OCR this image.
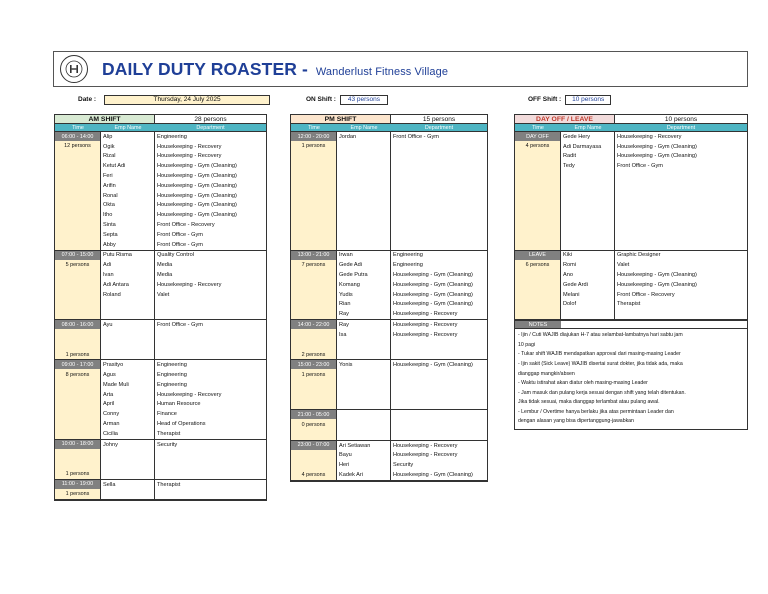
DAILY DUTY ROASTER - Wanderlust Fitness Village
Date :	Thursday, 24 July 2025	ON Shift :	43 persons	OFF Shift :	10 persons
AM SHIFT	28 persons
Time	Emp Name	Department
06:00 - 14:00
12 persons
Alip	Engineering
Ogik	Housekeeping - Recovery
Rizal	Housekeeping - Recovery
Ketut Adi	Housekeeping - Gym (Cleaning)
Feri	Housekeeping - Gym (Cleaning)
Arifin	Housekeeping - Gym (Cleaning)
Ronal	Housekeeping - Gym (Cleaning)
Okta	Housekeeping - Gym (Cleaning)
Itho	Housekeeping - Gym (Cleaning)
Sinta	Front Office - Recovery
Septa	Front Office - Gym
Abby	Front Office - Gym
07:00 - 15:00
5 persons
Putu Risma	Quality Control
Adi	Media
Ivan	Media
Adi Antara	Housekeeping - Recovery
Roland	Valet
08:00 - 16:00
1 persons
Ayu	Front Office - Gym
09:00 - 17:00
8 persons
Prasityo	Engineering
Agus	Engineering
Made Muli	Engineering
Arta	Housekeeping - Recovery
April	Human Resource
Conny	Finance
Arman	Head of Operations
Cicilia	Therapist
10:00 - 18:00
1 persons
Johny	Security
11:00 - 19:00
1 persons
Sella	Therapist
PM SHIFT	15 persons
Time	Emp Name	Department
12:00 - 20:00
1 persons
Jordan	Front Office - Gym
13:00 - 21:00
7 persons
Irwan	Engineering
Gede Adi	Engineering
Gede Putra	Housekeeping - Gym (Cleaning)
Komang	Housekeeping - Gym (Cleaning)
Yudis	Housekeeping - Gym (Cleaning)
Rian	Housekeeping - Gym (Cleaning)
Ray	Housekeeping - Recovery
14:00 - 22:00
2 persons
Ray	Housekeeping - Recovery
Isa	Housekeeping - Recovery
15:00 - 23:00
1 persons
Yonis	Housekeeping - Gym (Cleaning)
21:00 - 05:00
0 persons
23:00 - 07:00
4 persons
Ari Setiawan	Housekeeping - Recovery
Bayu	Housekeeping - Recovery
Heri	Security
Kadek Ari	Housekeeping - Gym (Cleaning)
DAY OFF / LEAVE	10 persons
Time	Emp Name	Department
DAY OFF
4 persons
Gede Hery	Housekeeping - Recovery
Adi Darmayasa	Housekeeping - Gym (Cleaning)
Radit	Housekeeping - Gym (Cleaning)
Tedy	Front Office - Gym
LEAVE
6 persons
Kiki	Graphic Designer
Romi	Valet
Ano	Housekeeping - Gym (Cleaning)
Gede Ardi	Housekeeping - Gym (Cleaning)
Melani	Front Office - Recovery
Dolof	Therapist
NOTES
- Ijin / Cuti WAJIB diajukan H-7 atau selambat-lambatnya hari sabtu jam
10 pagi
- Tukar shift WAJIB mendapatkan approval dari masing-masing Leader
- Ijin sakit (Sick Leave) WAJIB disertai surat dokter, jika tidak ada, maka
dianggap mangkir/absen
- Waktu istirahat akan diatur oleh masing-masing Leader
- Jam masuk dan pulang kerja sesuai dengan shift yang telah ditentukan.
Jika tidak sesuai, maka dianggap terlambat atau pulang awal.
- Lembur / Overtime hanya berlaku jika atas permintaan Leader dan
dengan alasan yang bisa dipertanggung-jawabkan
